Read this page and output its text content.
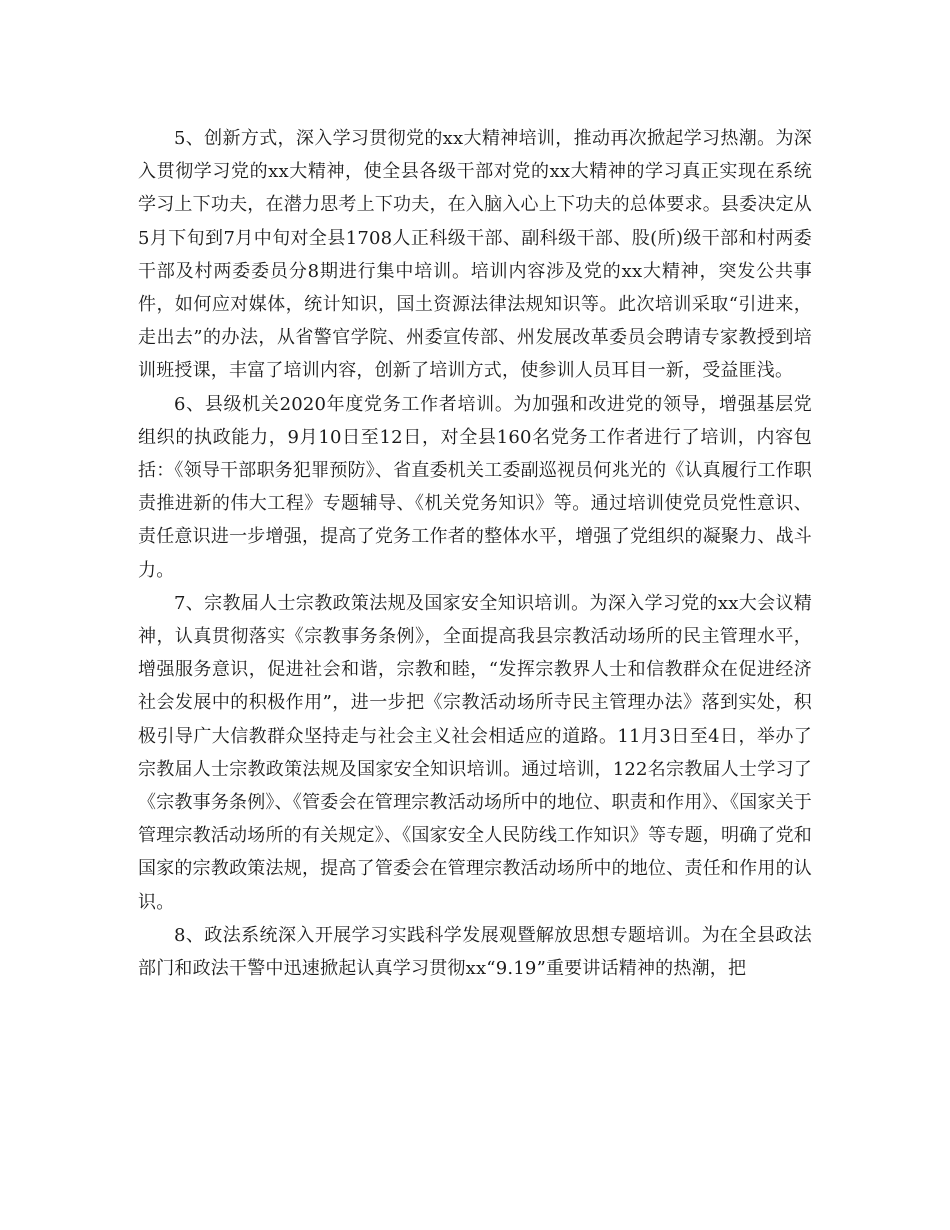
5、创新方式，深入学习贯彻党的xx大精神培训，推动再次掀起学习热潮。为深入贯彻学习党的xx大精神，使全县各级干部对党的xx大精神的学习真正实现在系统学习上下功夫，在潜力思考上下功夫，在入脑入心上下功夫的总体要求。县委决定从5月下旬到7月中旬对全县1708人正科级干部、副科级干部、股(所)级干部和村两委干部及村两委委员分8期进行集中培训。培训内容涉及党的xx大精神，突发公共事件，如何应对媒体，统计知识，国土资源法律法规知识等。此次培训采取“引进来，走出去”的办法，从省警官学院、州委宣传部、州发展改革委员会聘请专家教授到培训班授课，丰富了培训内容，创新了培训方式，使参训人员耳目一新，受益匪浅。

6、县级机关2020年度党务工作者培训。为加强和改进党的领导，增强基层党组织的执政能力，9月10日至12日，对全县160名党务工作者进行了培训，内容包括：《领导干部职务犯罪预防》、省直委机关工委副巡视员何兆光的《认真履行工作职责推进新的伟大工程》专题辅导、《机关党务知识》等。通过培训使党员党性意识、责任意识进一步增强，提高了党务工作者的整体水平，增强了党组织的凝聚力、战斗力。

7、宗教届人士宗教政策法规及国家安全知识培训。为深入学习党的xx大会议精神，认真贯彻落实《宗教事务条例》，全面提高我县宗教活动场所的民主管理水平，增强服务意识，促进社会和谐，宗教和睦，“发挥宗教界人士和信教群众在促进经济社会发展中的积极作用”，进一步把《宗教活动场所寺民主管理办法》落到实处，积极引导广大信教群众坚持走与社会主义社会相适应的道路。11月3日至4日，举办了宗教届人士宗教政策法规及国家安全知识培训。通过培训，122名宗教届人士学习了《宗教事务条例》、《管委会在管理宗教活动场所中的地位、职责和作用》、《国家关于管理宗教活动场所的有关规定》、《国家安全人民防线工作知识》等专题，明确了党和国家的宗教政策法规，提高了管委会在管理宗教活动场所中的地位、责任和作用的认识。

8、政法系统深入开展学习实践科学发展观暨解放思想专题培训。为在全县政法部门和政法干警中迅速掀起认真学习贯彻xx“9.19”重要讲话精神的热潮，把
